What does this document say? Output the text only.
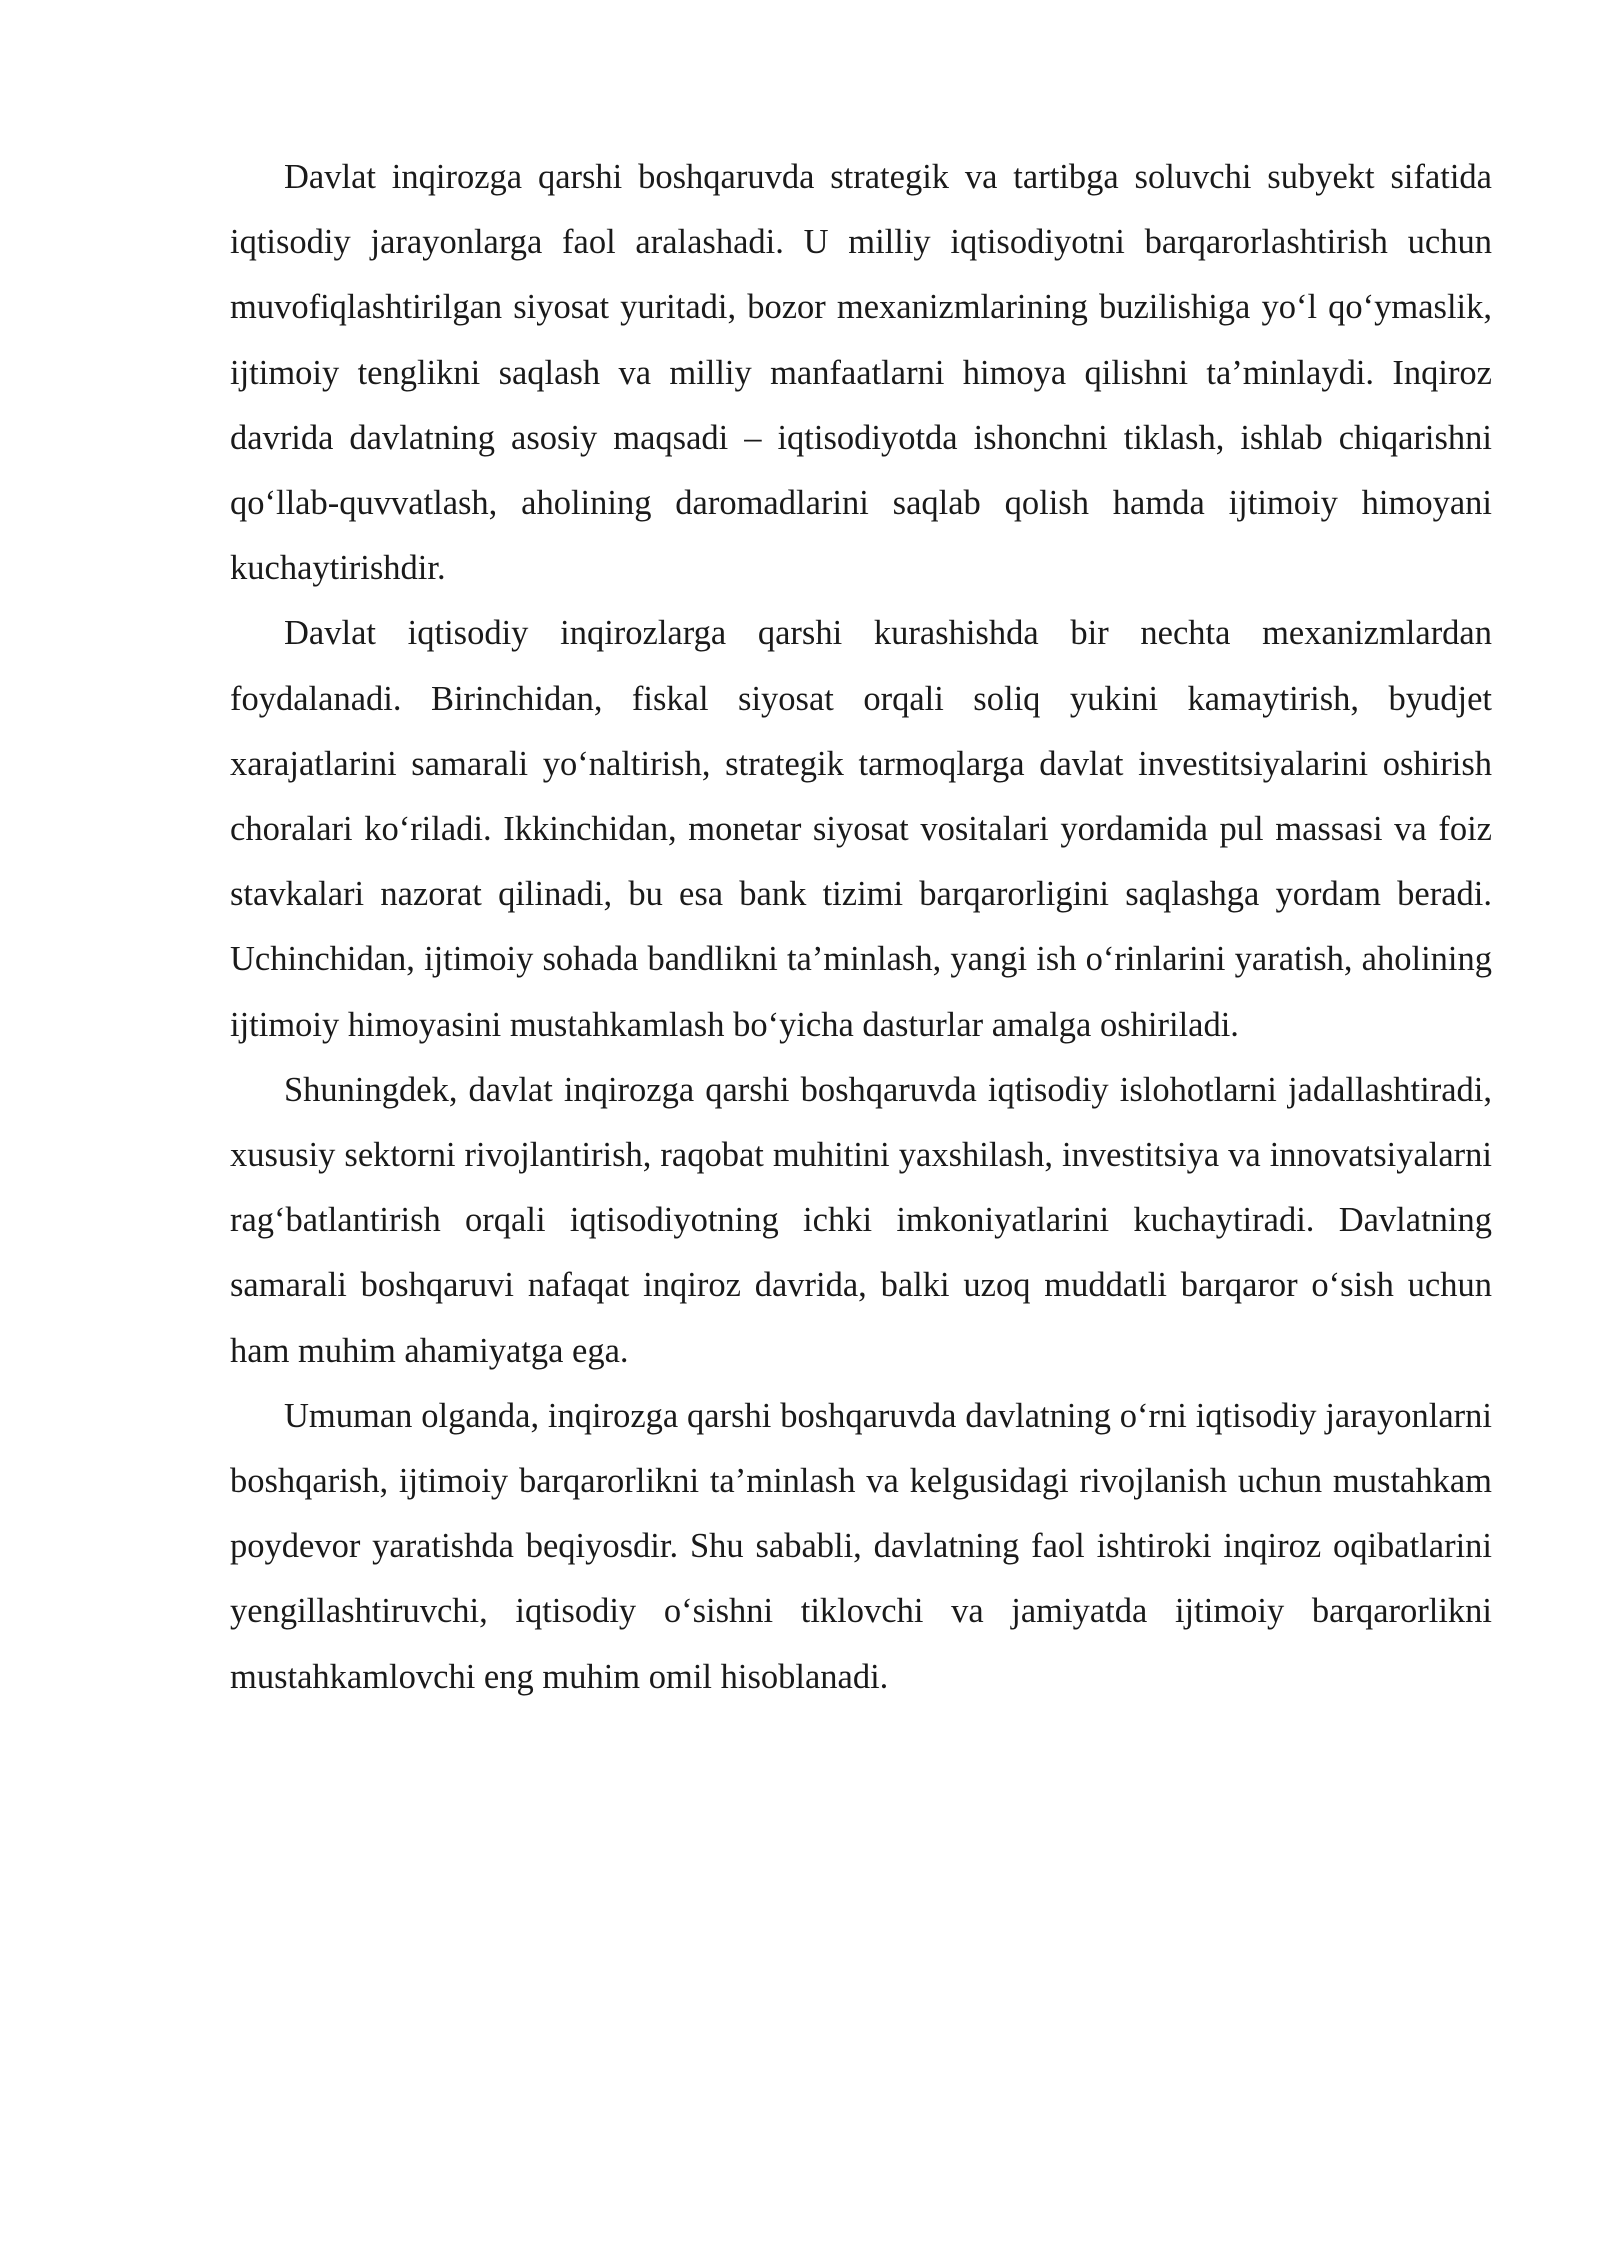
Davlat inqirozga qarshi boshqaruvda strategik va tartibga soluvchi subyekt sifatida iqtisodiy jarayonlarga faol aralashadi. U milliy iqtisodiyotni barqarorlashtirish uchun muvofiqlashtirilgan siyosat yuritadi, bozor mexanizmlarining buzilishiga yo‘l qo‘ymaslik, ijtimoiy tenglikni saqlash va milliy manfaatlarni himoya qilishni ta’minlaydi. Inqiroz davrida davlatning asosiy maqsadi – iqtisodiyotda ishonchni tiklash, ishlab chiqarishni qo‘llab-quvvatlash, aholining daromadlarini saqlab qolish hamda ijtimoiy himoyani kuchaytirishdir.

Davlat iqtisodiy inqirozlarga qarshi kurashishda bir nechta mexanizmlardan foydalanadi. Birinchidan, fiskal siyosat orqali soliq yukini kamaytirish, byudjet xarajatlarini samarali yo‘naltirish, strategik tarmoqlarga davlat investitsiyalarini oshirish choralari ko‘riladi. Ikkinchidan, monetar siyosat vositalari yordamida pul massasi va foiz stavkalari nazorat qilinadi, bu esa bank tizimi barqarorligini saqlashga yordam beradi. Uchinchidan, ijtimoiy sohada bandlikni ta’minlash, yangi ish o‘rinlarini yaratish, aholining ijtimoiy himoyasini mustahkamlash bo‘yicha dasturlar amalga oshiriladi.

Shuningdek, davlat inqirozga qarshi boshqaruvda iqtisodiy islohotlarni jadallashtiradi, xususiy sektorni rivojlantirish, raqobat muhitini yaxshilash, investitsiya va innovatsiyalarni rag‘batlantirish orqali iqtisodiyotning ichki imkoniyatlarini kuchaytiradi. Davlatning samarali boshqaruvi nafaqat inqiroz davrida, balki uzoq muddatli barqaror o‘sish uchun ham muhim ahamiyatga ega.

Umuman olganda, inqirozga qarshi boshqaruvda davlatning o‘rni iqtisodiy jarayonlarni boshqarish, ijtimoiy barqarorlikni ta’minlash va kelgusidagi rivojlanish uchun mustahkam poydevor yaratishda beqiyosdir. Shu sababli, davlatning faol ishtiroki inqiroz oqibatlarini yengillashtiruvchi, iqtisodiy o‘sishni tiklovchi va jamiyatda ijtimoiy barqarorlikni mustahkamlovchi eng muhim omil hisoblanadi.
